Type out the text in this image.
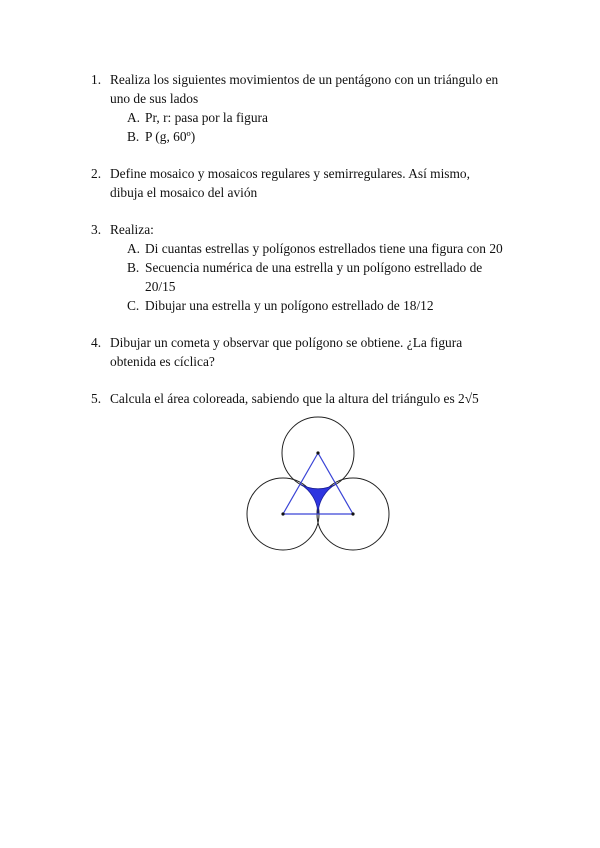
1. Realiza los siguientes movimientos de un pentágono con un triángulo en
uno de sus lados
A. Pr, r: pasa por la figura
B. P (g, 60º)
2. Define mosaico y mosaicos regulares y semirregulares. Así mismo,
dibuja el mosaico del avión
3. Realiza:
A. Di cuantas estrellas y polígonos estrellados tiene una figura con 20
B. Secuencia numérica de una estrella y un polígono estrellado de
20/15
C. Dibujar una estrella y un polígono estrellado de 18/12
4. Dibujar un cometa y observar que polígono se obtiene. ¿La figura
obtenida es cíclica?
5. Calcula el área coloreada, sabiendo que la altura del triángulo es 2√5
